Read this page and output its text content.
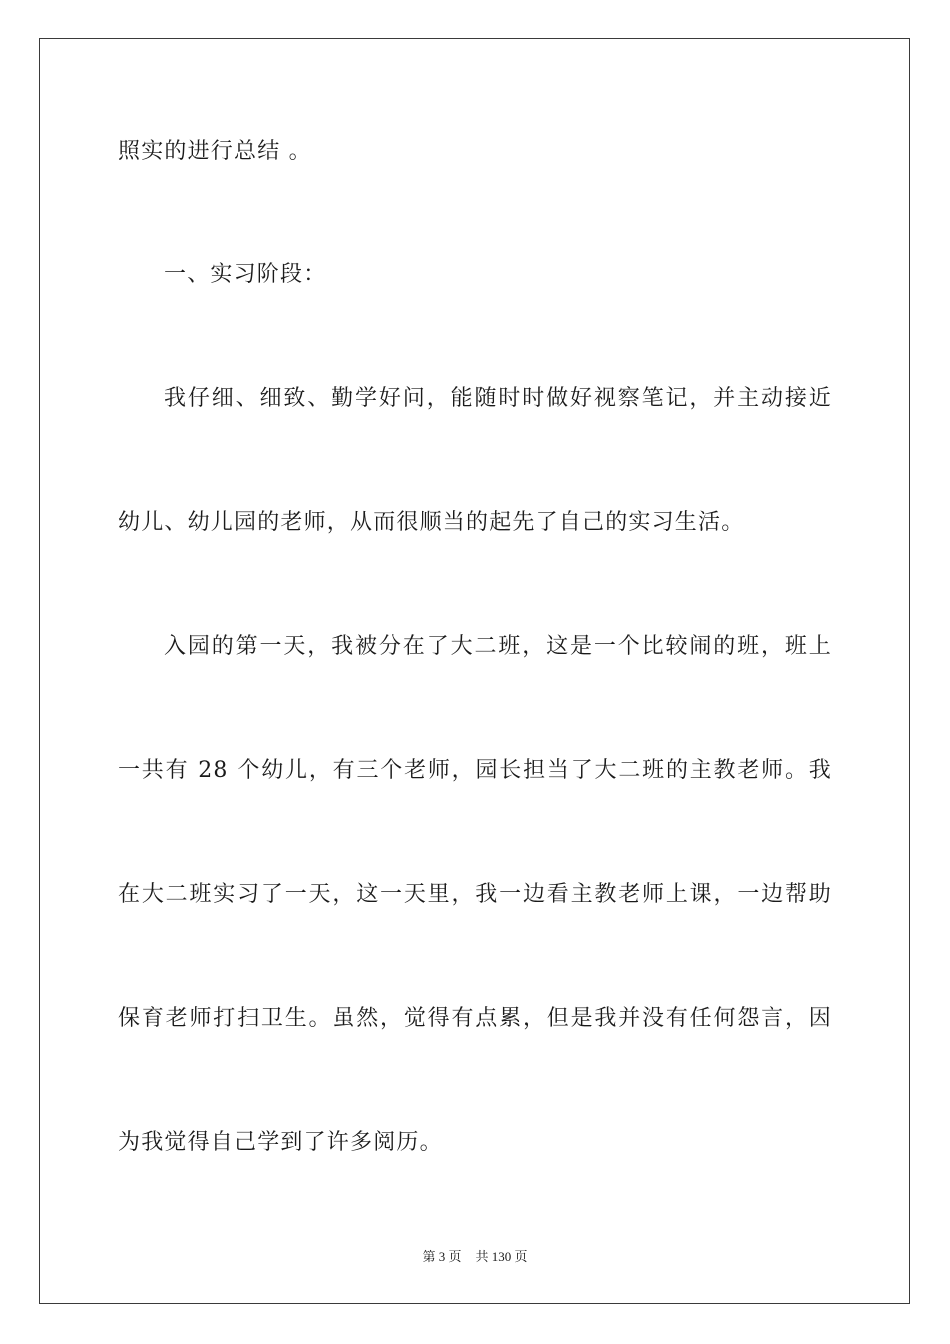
照实的进行总结 。
一、实习阶段：
我仔细、细致、勤学好问，能随时时做好视察笔记，并主动接近
幼儿、幼儿园的老师，从而很顺当的起先了自己的实习生活。
入园的第一天，我被分在了大二班，这是一个比较闹的班，班上
一共有 28 个幼儿，有三个老师，园长担当了大二班的主教老师。我
在大二班实习了一天，这一天里，我一边看主教老师上课，一边帮助
保育老师打扫卫生。虽然，觉得有点累，但是我并没有任何怨言，因
为我觉得自己学到了许多阅历。
第 3 页 共 130 页
